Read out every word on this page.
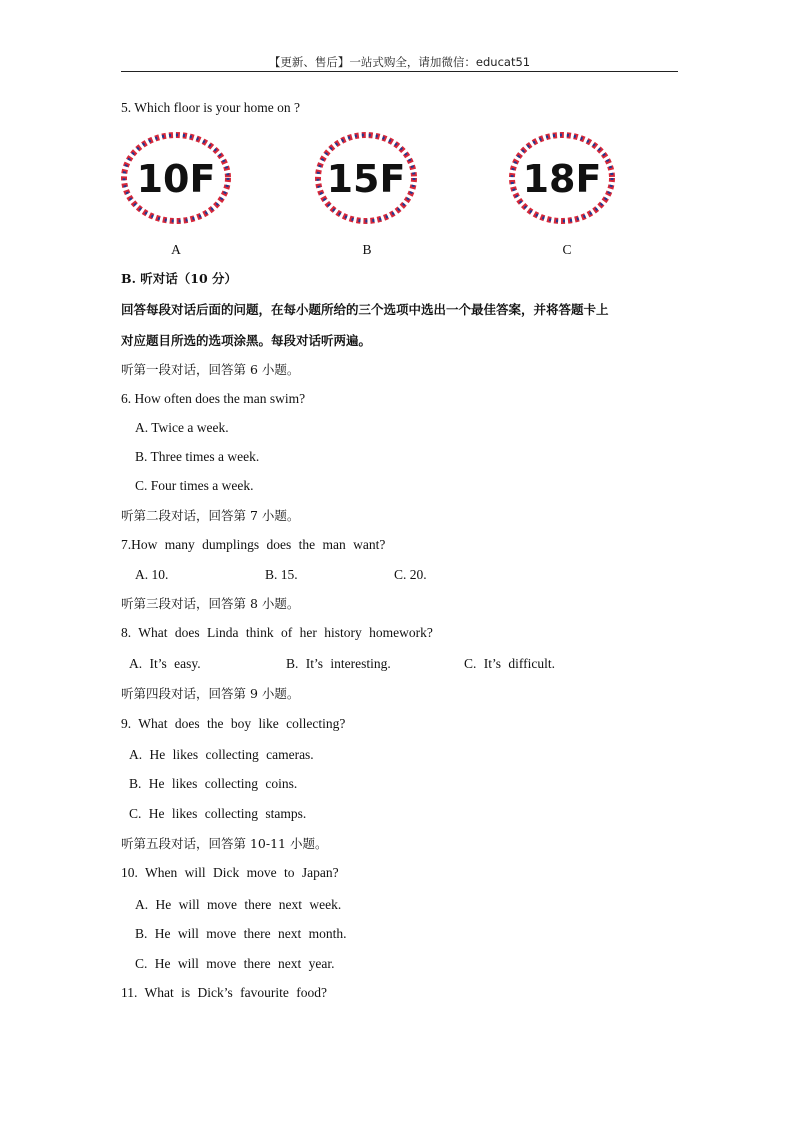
【更新、售后】一站式购全，请加微信：educat51
5. Which floor is your home on ?
10F	15F	18F
A	B	C
B. 听对话（10 分）
回答每段对话后面的问题，在每小题所给的三个选项中选出一个最佳答案，并将答题卡上
对应题目所选的选项涂黑。每段对话听两遍。
听第一段对话，回答第 6 小题。
6. How often does the man swim?
A. Twice a week.
B. Three times a week.
C. Four times a week.
听第二段对话，回答第 7 小题。
7.How many dumplings does the man want?
A. 10.	B. 15.	C. 20.
听第三段对话，回答第 8 小题。
8. What does Linda think of her history homework?
A. It’s easy.	B. It’s interesting.	C. It’s difficult.
听第四段对话，回答第 9 小题。
9. What does the boy like collecting?
A. He likes collecting cameras.
B. He likes collecting coins.
C. He likes collecting stamps.
听第五段对话，回答第 10-11 小题。
10. When will Dick move to Japan?
A. He will move there next week.
B. He will move there next month.
C. He will move there next year.
11. What is Dick’s favourite food?
